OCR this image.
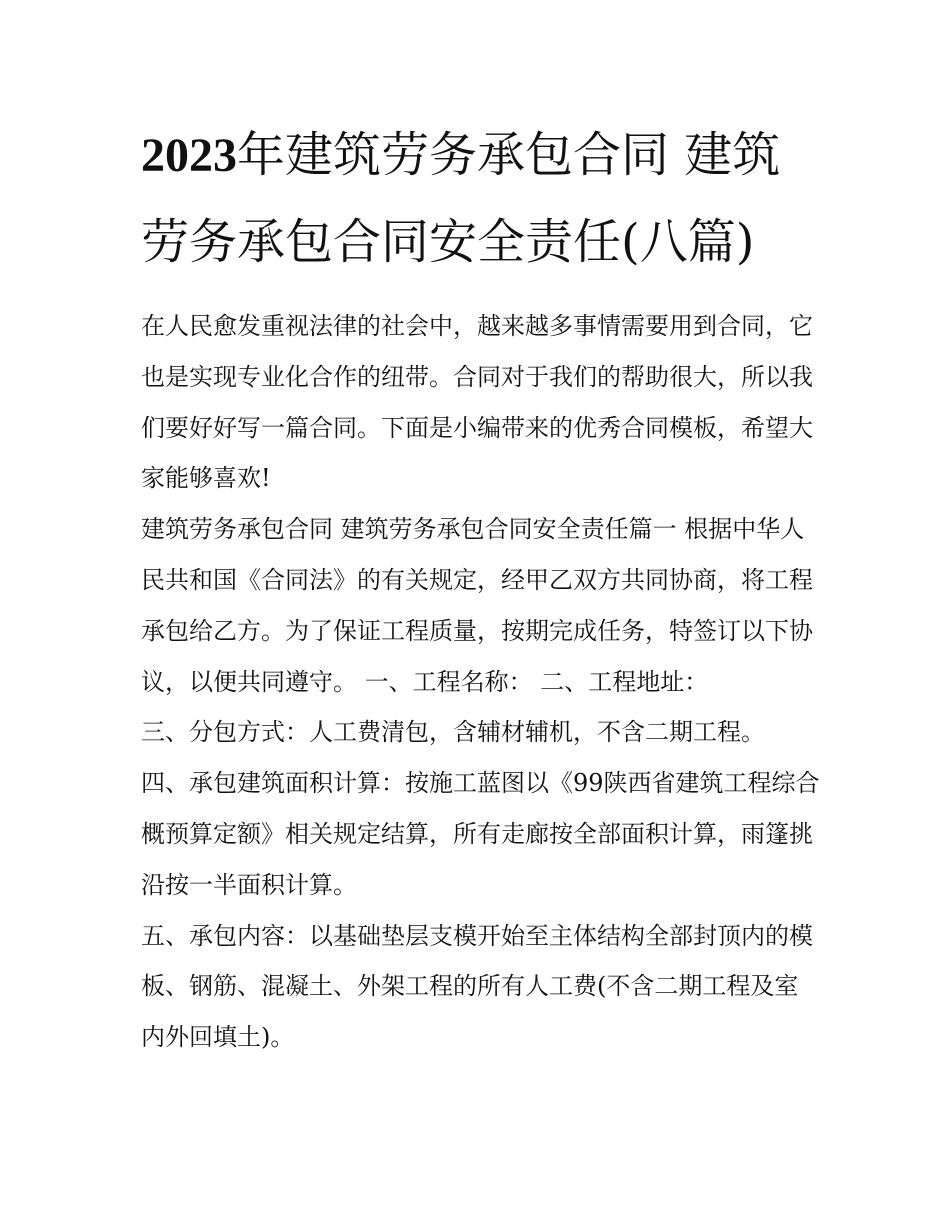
2023年建筑劳务承包合同 建筑劳务承包合同安全责任(八篇)

在人民愈发重视法律的社会中，越来越多事情需要用到合同，它也是实现专业化合作的纽带。合同对于我们的帮助很大，所以我们要好好写一篇合同。下面是小编带来的优秀合同模板，希望大家能够喜欢!

建筑劳务承包合同 建筑劳务承包合同安全责任篇一 根据中华人民共和国《合同法》的有关规定，经甲乙双方共同协商，将工程承包给乙方。为了保证工程质量，按期完成任务，特签订以下协议，以便共同遵守。 一、工程名称： 二、工程地址：

三、分包方式：人工费清包，含辅材辅机，不含二期工程。

四、承包建筑面积计算：按施工蓝图以《99陕西省建筑工程综合概预算定额》相关规定结算，所有走廊按全部面积计算，雨篷挑沿按一半面积计算。

五、承包内容：以基础垫层支模开始至主体结构全部封顶内的模板、钢筋、混凝土、外架工程的所有人工费(不含二期工程及室内外回填土)。
